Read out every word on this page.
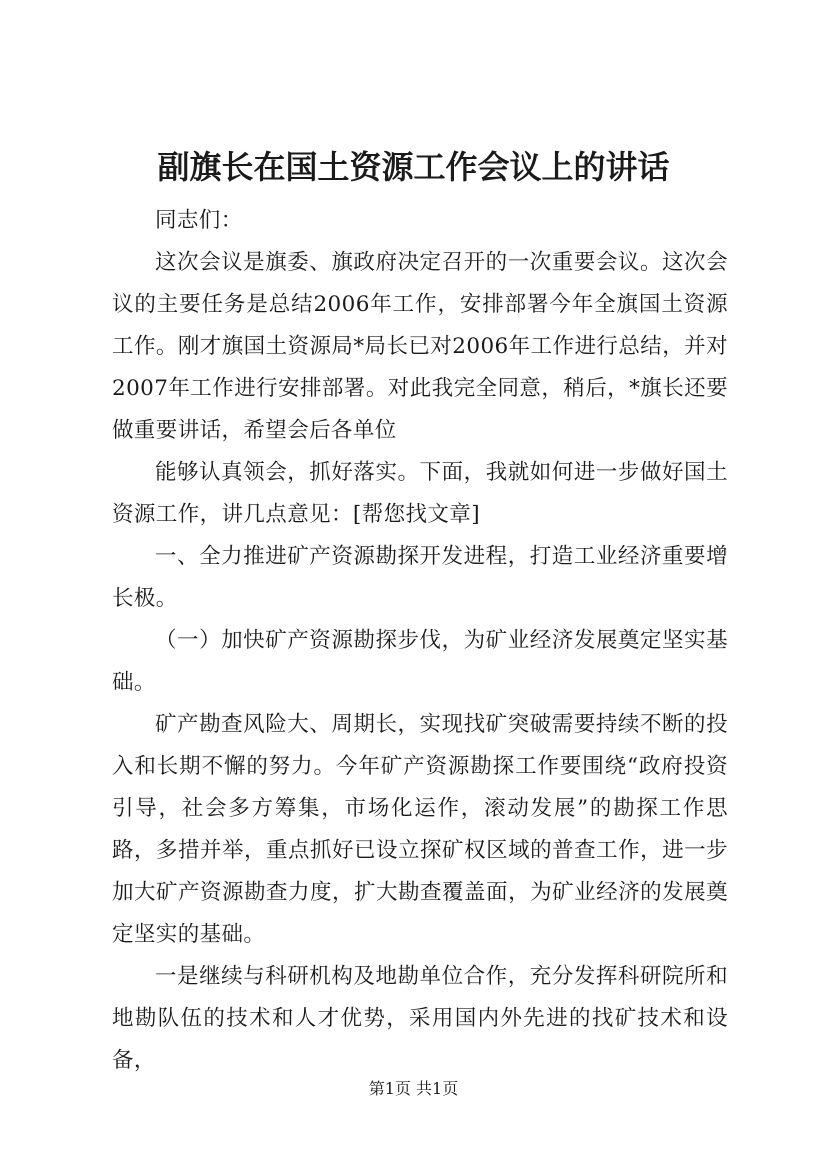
副旗长在国土资源工作会议上的讲话

同志们：

这次会议是旗委、旗政府决定召开的一次重要会议。这次会议的主要任务是总结2006年工作，安排部署今年全旗国土资源工作。刚才旗国土资源局*局长已对2006年工作进行总结，并对2007年工作进行安排部署。对此我完全同意，稍后，*旗长还要做重要讲话，希望会后各单位

能够认真领会，抓好落实。下面，我就如何进一步做好国土资源工作，讲几点意见：[帮您找文章]

一、全力推进矿产资源勘探开发进程，打造工业经济重要增长极。

（一）加快矿产资源勘探步伐，为矿业经济发展奠定坚实基础。

矿产勘查风险大、周期长，实现找矿突破需要持续不断的投入和长期不懈的努力。今年矿产资源勘探工作要围绕“政府投资引导，社会多方筹集，市场化运作，滚动发展”的勘探工作思路，多措并举，重点抓好已设立探矿权区域的普查工作，进一步加大矿产资源勘查力度，扩大勘查覆盖面，为矿业经济的发展奠定坚实的基础。

一是继续与科研机构及地勘单位合作，充分发挥科研院所和地勘队伍的技术和人才优势，采用国内外先进的找矿技术和设备，

第1页 共1页
